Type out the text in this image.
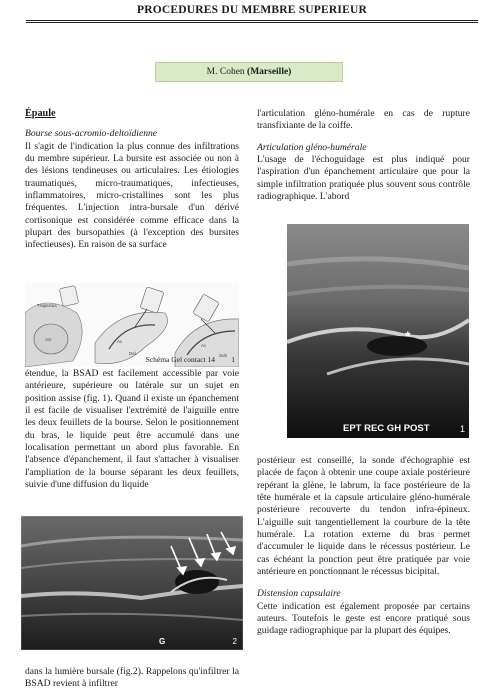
PROCEDURES DU MEMBRE SUPERIEUR
M. Cohen (Marseille)

Épaule

Bourse sous-acromio-deltoïdienne

Il s'agit de l'indication la plus connue des infiltrations du membre supérieur. La bursite est associée ou non à des lésions tendineuses ou articulaires. Les étiologies traumatiques, micro-traumatiques, infectieuses, inflammatoires, micro-cristallines sont les plus fréquentes. L'injection intra-bursale d'un dérivé cortisonique est considérée comme efficace dans la plupart des bursopathies (à l'exception des bursites infectieuses). En raison de sa surface

Trapezius
Acr	Ac
Del
Ac
Sub
Schéma Gel contact 14 1

étendue, la BSAD est facilement accessible par voie antérieure, supérieure ou latérale sur un sujet en position assise (fig. 1). Quand il existe un épanchement il est facile de visualiser l'extrémité de l'aiguille entre les deux feuillets de la bourse. Selon le positionnement du bras, le liquide peut être accumulé dans une localisation permettant un abord plus favorable. En l'absence d'épanchement, il faut s'attacher à visualiser l'ampliation de la bourse séparant les deux feuillets, suivie d'une diffusion du liquide

G	2

dans la lumière bursale (fig.2). Rappelons qu'infiltrer la BSAD revient à infiltrer

l'articulation gléno-humérale en cas de rupture transfixiante de la coiffe.

Articulation gléno-humérale

L'usage de l'échoguidage est plus indiqué pour l'aspiration d'un épanchement articulaire que pour la simple infiltration pratiquée plus souvent sous contrôle radiographique. L'abord

*
EPT REC GH POST	1

postérieur est conseillé, la sonde d'échographie est placée de façon à obtenir une coupe axiale postérieure repérant la glène, le labrum, la face postérieure de la tête humérale et la capsule articulaire gléno-humérale postérieure recouverte du tendon infra-épineux. L'aiguille suit tangentiellement la courbure de la tête humérale. La rotation externe du bras permet d'accumuler le liquide dans le récessus postérieur. Le cas échéant la ponction peut être pratiquée par voie antérieure en ponctionnant le récessus bicipital.

Distension capsulaire

Cette indication est également proposée par certains auteurs. Toutefois le geste est encore pratiqué sous guidage radiographique par la plupart des équipes.
